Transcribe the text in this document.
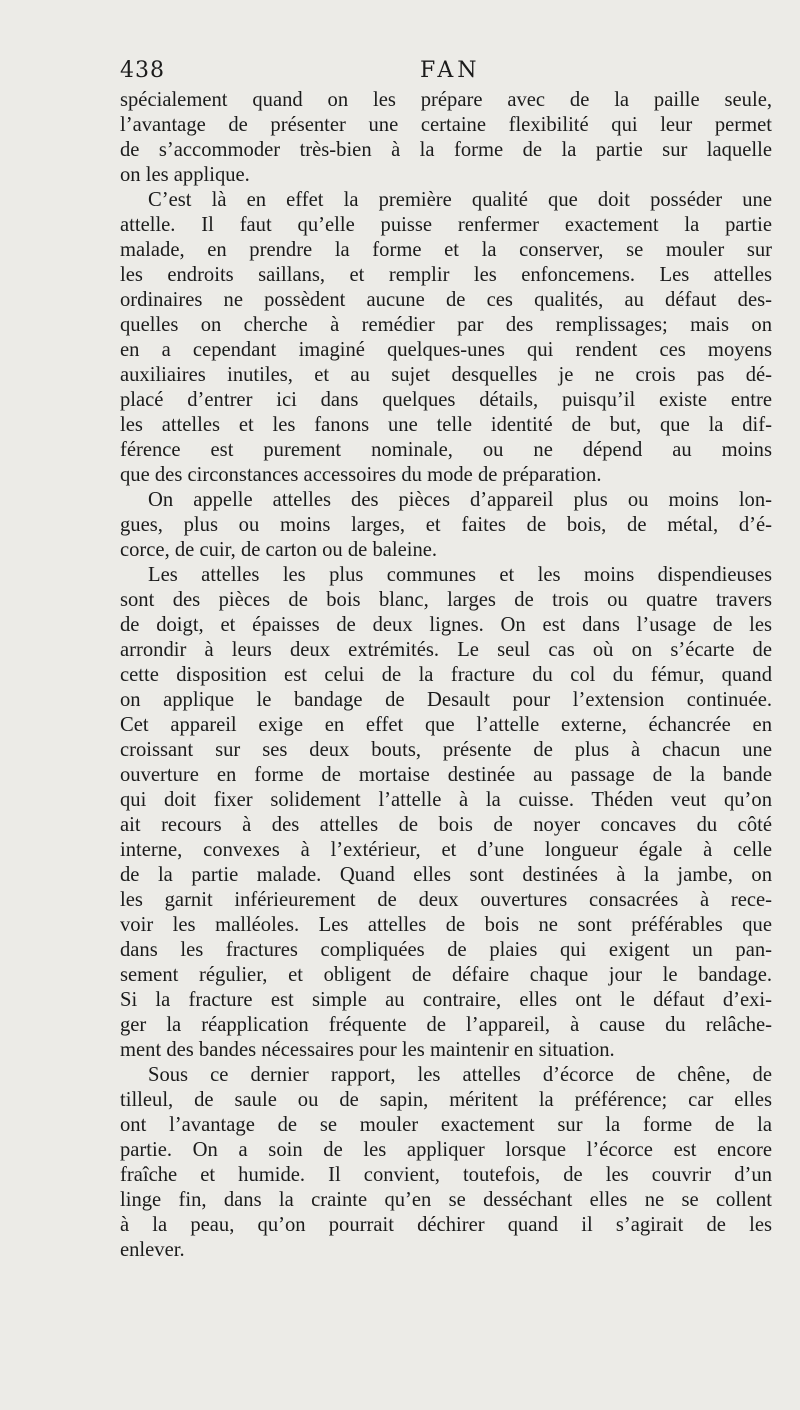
438	FAN
spécialement quand on les prépare avec de la paille seule,
l’avantage de présenter une certaine flexibilité qui leur permet
de s’accommoder très-bien à la forme de la partie sur laquelle
on les applique.
C’est là en effet la première qualité que doit posséder une
attelle. Il faut qu’elle puisse renfermer exactement la partie
malade, en prendre la forme et la conserver, se mouler sur
les endroits saillans, et remplir les enfoncemens. Les attelles
ordinaires ne possèdent aucune de ces qualités, au défaut des-
quelles on cherche à remédier par des remplissages; mais on
en a cependant imaginé quelques-unes qui rendent ces moyens
auxiliaires inutiles, et au sujet desquelles je ne crois pas dé-
placé d’entrer ici dans quelques détails, puisqu’il existe entre
les attelles et les fanons une telle identité de but, que la dif-
férence est purement nominale, ou ne dépend au moins
que des circonstances accessoires du mode de préparation.
On appelle attelles des pièces d’appareil plus ou moins lon-
gues, plus ou moins larges, et faites de bois, de métal, d’é-
corce, de cuir, de carton ou de baleine.
Les attelles les plus communes et les moins dispendieuses
sont des pièces de bois blanc, larges de trois ou quatre travers
de doigt, et épaisses de deux lignes. On est dans l’usage de les
arrondir à leurs deux extrémités. Le seul cas où on s’écarte de
cette disposition est celui de la fracture du col du fémur, quand
on applique le bandage de Desault pour l’extension continuée.
Cet appareil exige en effet que l’attelle externe, échancrée en
croissant sur ses deux bouts, présente de plus à chacun une
ouverture en forme de mortaise destinée au passage de la bande
qui doit fixer solidement l’attelle à la cuisse. Théden veut qu’on
ait recours à des attelles de bois de noyer concaves du côté
interne, convexes à l’extérieur, et d’une longueur égale à celle
de la partie malade. Quand elles sont destinées à la jambe, on
les garnit inférieurement de deux ouvertures consacrées à rece-
voir les malléoles. Les attelles de bois ne sont préférables que
dans les fractures compliquées de plaies qui exigent un pan-
sement régulier, et obligent de défaire chaque jour le bandage.
Si la fracture est simple au contraire, elles ont le défaut d’exi-
ger la réapplication fréquente de l’appareil, à cause du relâche-
ment des bandes nécessaires pour les maintenir en situation.
Sous ce dernier rapport, les attelles d’écorce de chêne, de
tilleul, de saule ou de sapin, méritent la préférence; car elles
ont l’avantage de se mouler exactement sur la forme de la
partie. On a soin de les appliquer lorsque l’écorce est encore
fraîche et humide. Il convient, toutefois, de les couvrir d’un
linge fin, dans la crainte qu’en se desséchant elles ne se collent
à la peau, qu’on pourrait déchirer quand il s’agirait de les
enlever.
